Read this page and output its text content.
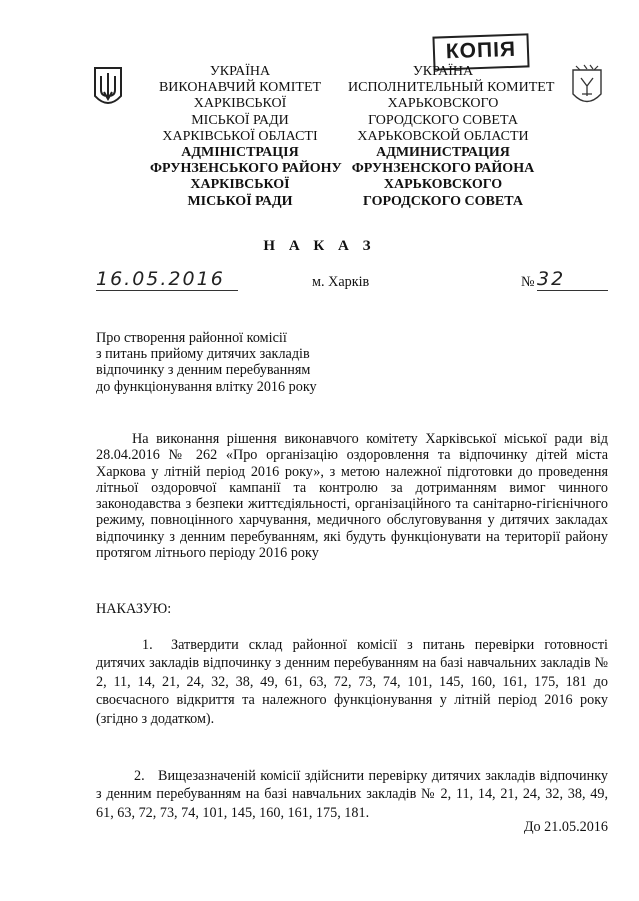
КОПІЯ
УКРАЇНА
ВИКОНАВЧИЙ КОМІТЕТ
ХАРКІВСЬКОЇ
МІСЬКОЇ РАДИ
ХАРКІВСЬКОЇ ОБЛАСТІ
АДМІНІСТРАЦІЯ
ФРУНЗЕНСЬКОГО РАЙОНУ
ХАРКІВСЬКОЇ
МІСЬКОЇ РАДИ
УКРАЇНА
ИСПОЛНИТЕЛЬНЫЙ КОМИТЕТ
ХАРЬКОВСКОГО
ГОРОДСКОГО СОВЕТА
ХАРЬКОВСКОЙ ОБЛАСТИ
АДМИНИСТРАЦИЯ
ФРУНЗЕНСКОГО РАЙОНА
ХАРЬКОВСКОГО
ГОРОДСКОГО СОВЕТА
Н А К А З
16.05.2016	м. Харків	№ 32
Про створення районної комісії
з питань прийому дитячих закладів
відпочинку з денним перебуванням
до функціонування влітку 2016 року
На виконання рішення виконавчого комітету Харківської міської ради від 28.04.2016 № 262 «Про організацію оздоровлення та відпочинку дітей міста Харкова у літній період 2016 року», з метою належної підготовки до проведення літньої оздоровчої кампанії та контролю за дотриманням вимог чинного законодавства з безпеки життєдіяльності, організаційного та санітарно-гігієнічного режиму, повноцінного харчування, медичного обслуговування у дитячих закладах відпочинку з денним перебуванням, які будуть функціонувати на території району протягом літнього періоду 2016 року
НАКАЗУЮ:
1. Затвердити склад районної комісії з питань перевірки готовності дитячих закладів відпочинку з денним перебуванням на базі навчальних закладів № 2, 11, 14, 21, 24, 32, 38, 49, 61, 63, 72, 73, 74, 101, 145, 160, 161, 175, 181 до своєчасного відкриття та належного функціонування у літній період 2016 року (згідно з додатком).
2. Вищезазначеній комісії здійснити перевірку дитячих закладів відпочинку з денним перебуванням на базі навчальних закладів № 2, 11, 14, 21, 24, 32, 38, 49, 61, 63, 72, 73, 74, 101, 145, 160, 161, 175, 181.
До 21.05.2016
